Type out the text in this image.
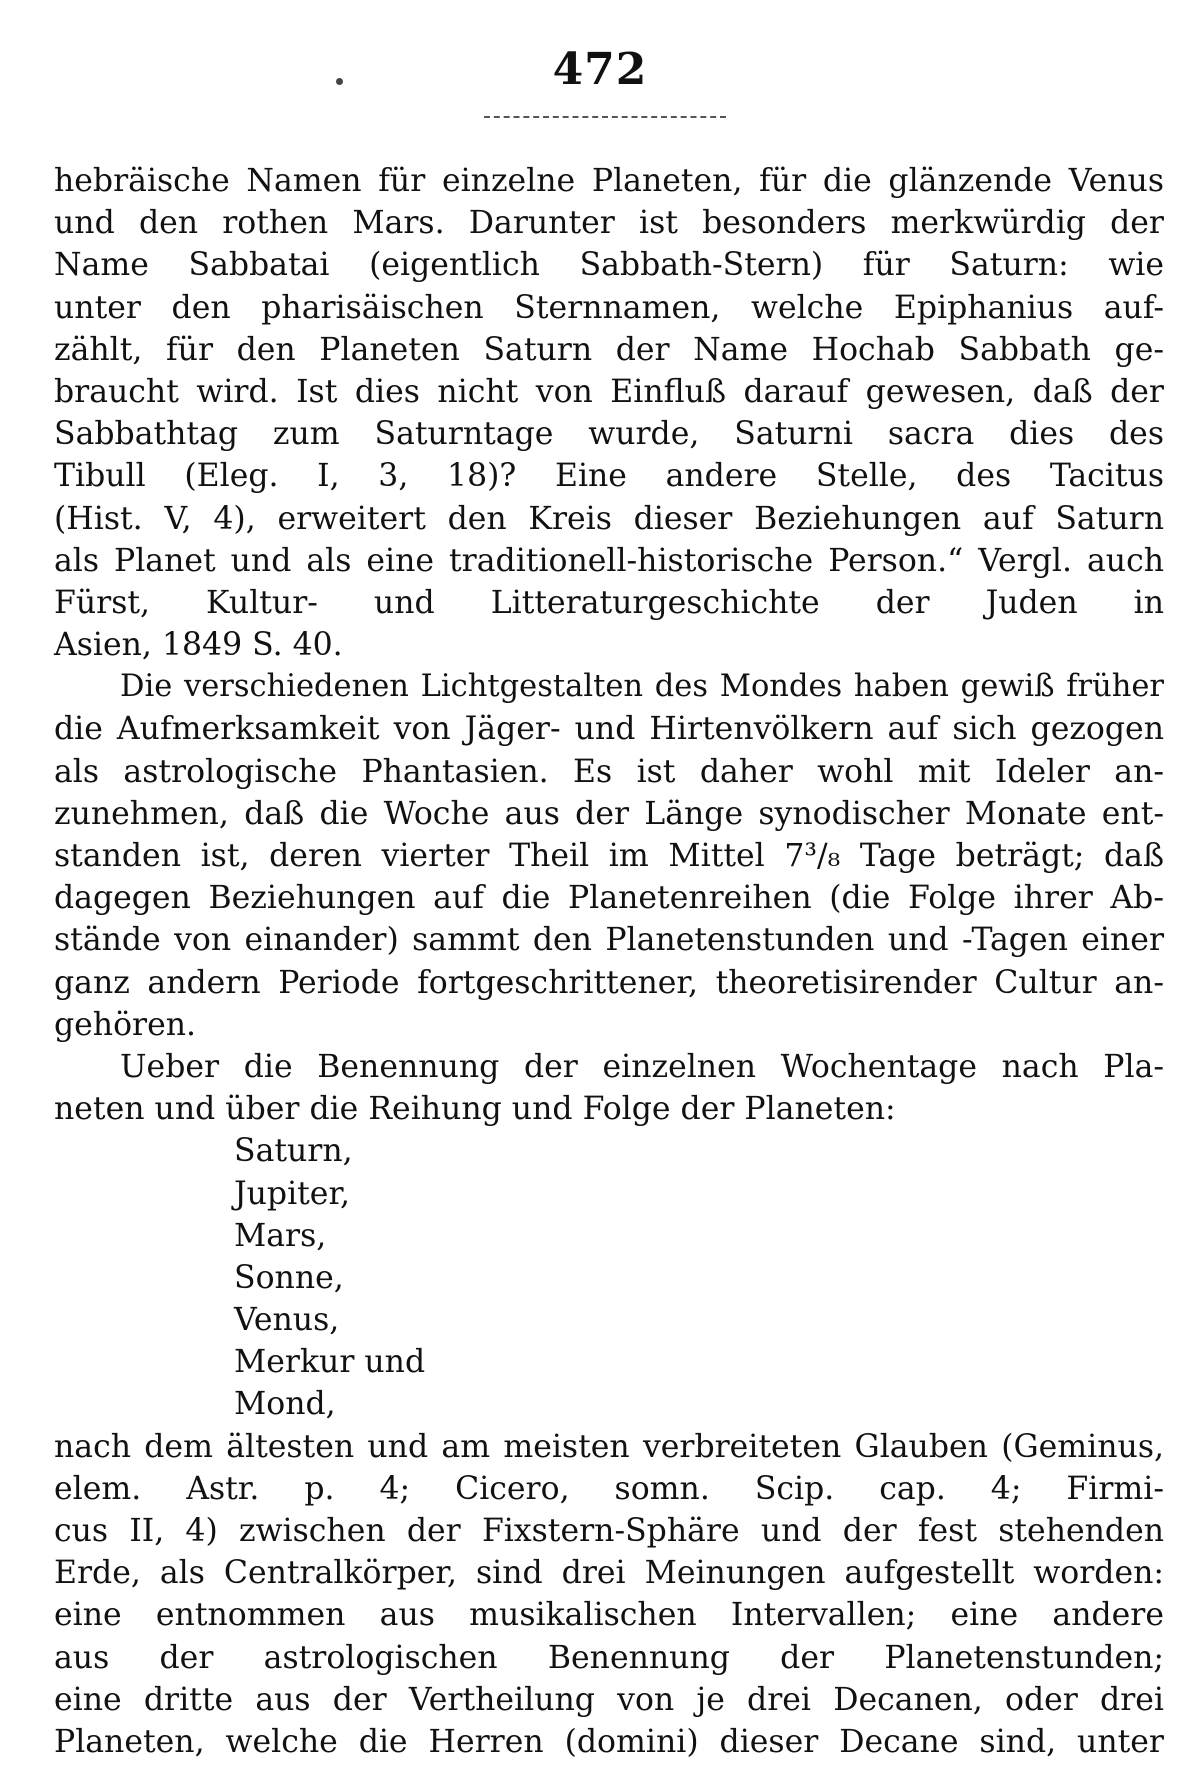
472
hebräische Namen für einzelne Planeten, für die glänzende Venus
und den rothen Mars. Darunter ist besonders merkwürdig der
Name Sabbatai (eigentlich Sabbath-Stern) für Saturn: wie
unter den pharisäischen Sternnamen, welche Epiphanius auf-
zählt, für den Planeten Saturn der Name Hochab Sabbath ge-
braucht wird. Ist dies nicht von Einfluß darauf gewesen, daß der
Sabbathtag zum Saturntage wurde, Saturni sacra dies des
Tibull (Eleg. I, 3, 18)? Eine andere Stelle, des Tacitus
(Hist. V, 4), erweitert den Kreis dieser Beziehungen auf Saturn
als Planet und als eine traditionell-historische Person.“ Vergl. auch
Fürst, Kultur- und Litteraturgeschichte der Juden in
Asien, 1849 S. 40.
Die verschiedenen Lichtgestalten des Mondes haben gewiß früher
die Aufmerksamkeit von Jäger- und Hirtenvölkern auf sich gezogen
als astrologische Phantasien. Es ist daher wohl mit Ideler an-
zunehmen, daß die Woche aus der Länge synodischer Monate ent-
standen ist, deren vierter Theil im Mittel 7³/₈ Tage beträgt; daß
dagegen Beziehungen auf die Planetenreihen (die Folge ihrer Ab-
stände von einander) sammt den Planetenstunden und -Tagen einer
ganz andern Periode fortgeschrittener, theoretisirender Cultur an-
gehören.
Ueber die Benennung der einzelnen Wochentage nach Pla-
neten und über die Reihung und Folge der Planeten:
Saturn,
Jupiter,
Mars,
Sonne,
Venus,
Merkur und
Mond,
nach dem ältesten und am meisten verbreiteten Glauben (Geminus,
elem. Astr. p. 4; Cicero, somn. Scip. cap. 4; Firmi-
cus II, 4) zwischen der Fixstern-Sphäre und der fest stehenden
Erde, als Centralkörper, sind drei Meinungen aufgestellt worden:
eine entnommen aus musikalischen Intervallen; eine andere
aus der astrologischen Benennung der Planetenstunden;
eine dritte aus der Vertheilung von je drei Decanen, oder drei
Planeten, welche die Herren (domini) dieser Decane sind, unter
